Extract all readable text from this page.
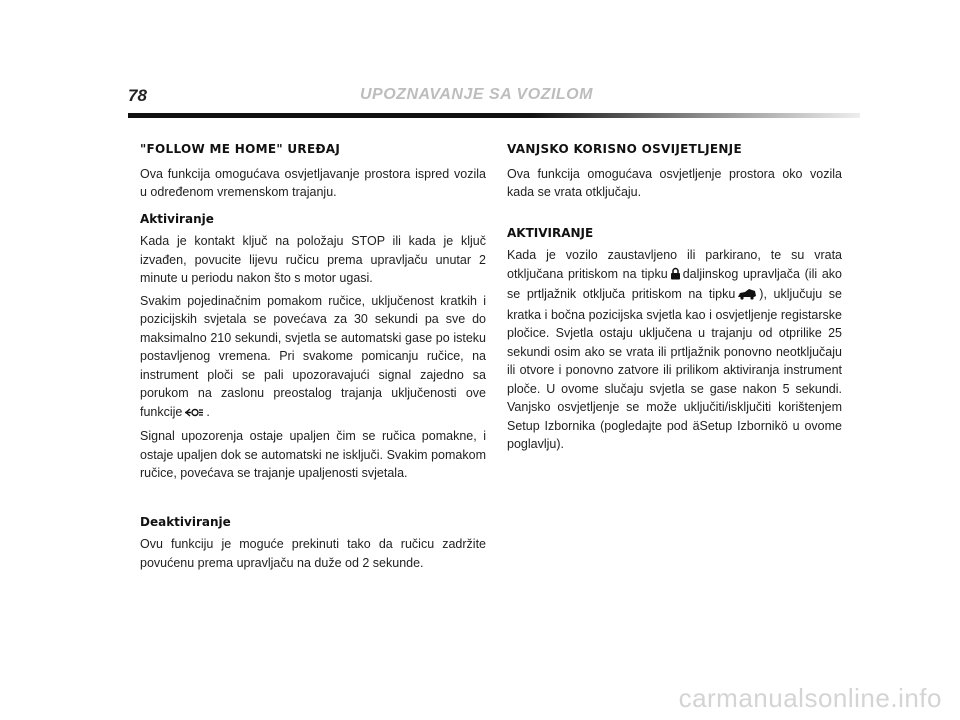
78	UPOZNAVANJE SA VOZILOM
"FOLLOW ME HOME" UREĐAJ

Ova funkcija omogućava osvjetljavanje prostora ispred vozila u određenom vremenskom trajanju.

Aktiviranje

Kada je kontakt ključ na položaju STOP ili kada je ključ izvađen, povucite lijevu ručicu prema upravljaču unutar 2 minute u periodu nakon što s motor ugasi.

Svakim pojedinačnim pomakom ručice, uključenost kratkih i pozicijskih svjetala se povećava za 30 sekundi pa sve do maksimalno 210 sekundi, svjetla se automatski gase po isteku postavljenog vremena. Pri svakome pomicanju ručice, na instrument ploči se pali upozoravajući signal zajedno sa porukom na zaslonu preostalog trajanja uključenosti ove funkcije .

Signal upozorenja ostaje upaljen čim se ručica pomakne, i ostaje upaljen dok se automatski ne isključi. Svakim pomakom ručice, povećava se trajanje upaljenosti svjetala.

Deaktiviranje

Ovu funkciju je moguće prekinuti tako da ručicu zadržite povućenu prema upravljaču na duže od 2 sekunde.

VANJSKO KORISNO OSVIJETLJENJE

Ova funkcija omogućava osvjetljenje prostora oko vozila kada se vrata otključaju.

AKTIVIRANJE

Kada je vozilo zaustavljeno ili parkirano, te su vrata otključana pritiskom na tipku daljinskog upravljača (ili ako se prtljažnik otključa pritiskom na tipku ), uključuju se kratka i bočna pozicijska svjetla kao i osvjetljenje registarske pločice. Svjetla ostaju uključena u trajanju od otprilike 25 sekundi osim ako se vrata ili prtljažnik ponovno neotključaju ili otvore i ponovno zatvore ili prilikom aktiviranja instrument ploče. U ovome slučaju svjetla se gase nakon 5 sekundi. Vanjsko osvjetljenje se može uključiti/isključiti korištenjem Setup Izbornika (pogledajte pod äSetup Izbornikö u ovome poglavlju).

carmanualsonline.info
